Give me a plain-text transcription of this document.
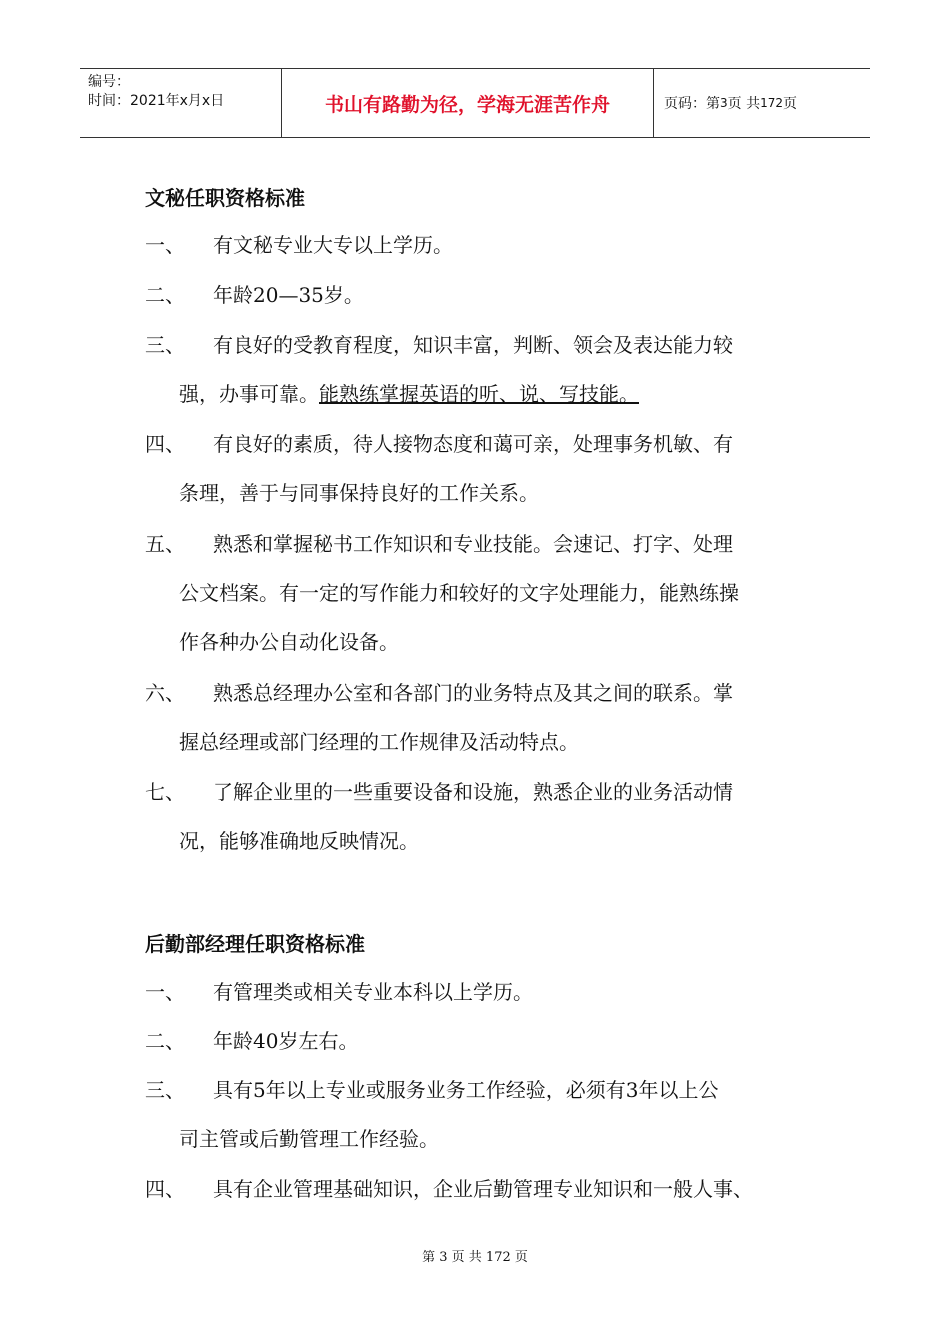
编号：
时间：2021年x月x日	书山有路勤为径，学海无涯苦作舟	页码：第 3 页 共 172 页
文秘任职资格标准
一、	有文秘专业大专以上学历。
二、	年龄20—35岁。
三、	有良好的受教育程度，知识丰富，判断、领会及表达能力较
强，办事可靠。能熟练掌握英语的听、说、写技能。
四、	有良好的素质，待人接物态度和蔼可亲，处理事务机敏、有
条理，善于与同事保持良好的工作关系。
五、	熟悉和掌握秘书工作知识和专业技能。会速记、打字、处理
公文档案。有一定的写作能力和较好的文字处理能力，能熟练操
作各种办公自动化设备。
六、	熟悉总经理办公室和各部门的业务特点及其之间的联系。掌
握总经理或部门经理的工作规律及活动特点。
七、	了解企业里的一些重要设备和设施，熟悉企业的业务活动情
况，能够准确地反映情况。
后勤部经理任职资格标准
一、	有管理类或相关专业本科以上学历。
二、	年龄40岁左右。
三、	具有5年以上专业或服务业务工作经验，必须有3年以上公
司主管或后勤管理工作经验。
四、	具有企业管理基础知识，企业后勤管理专业知识和一般人事、
第 3 页 共 172 页
